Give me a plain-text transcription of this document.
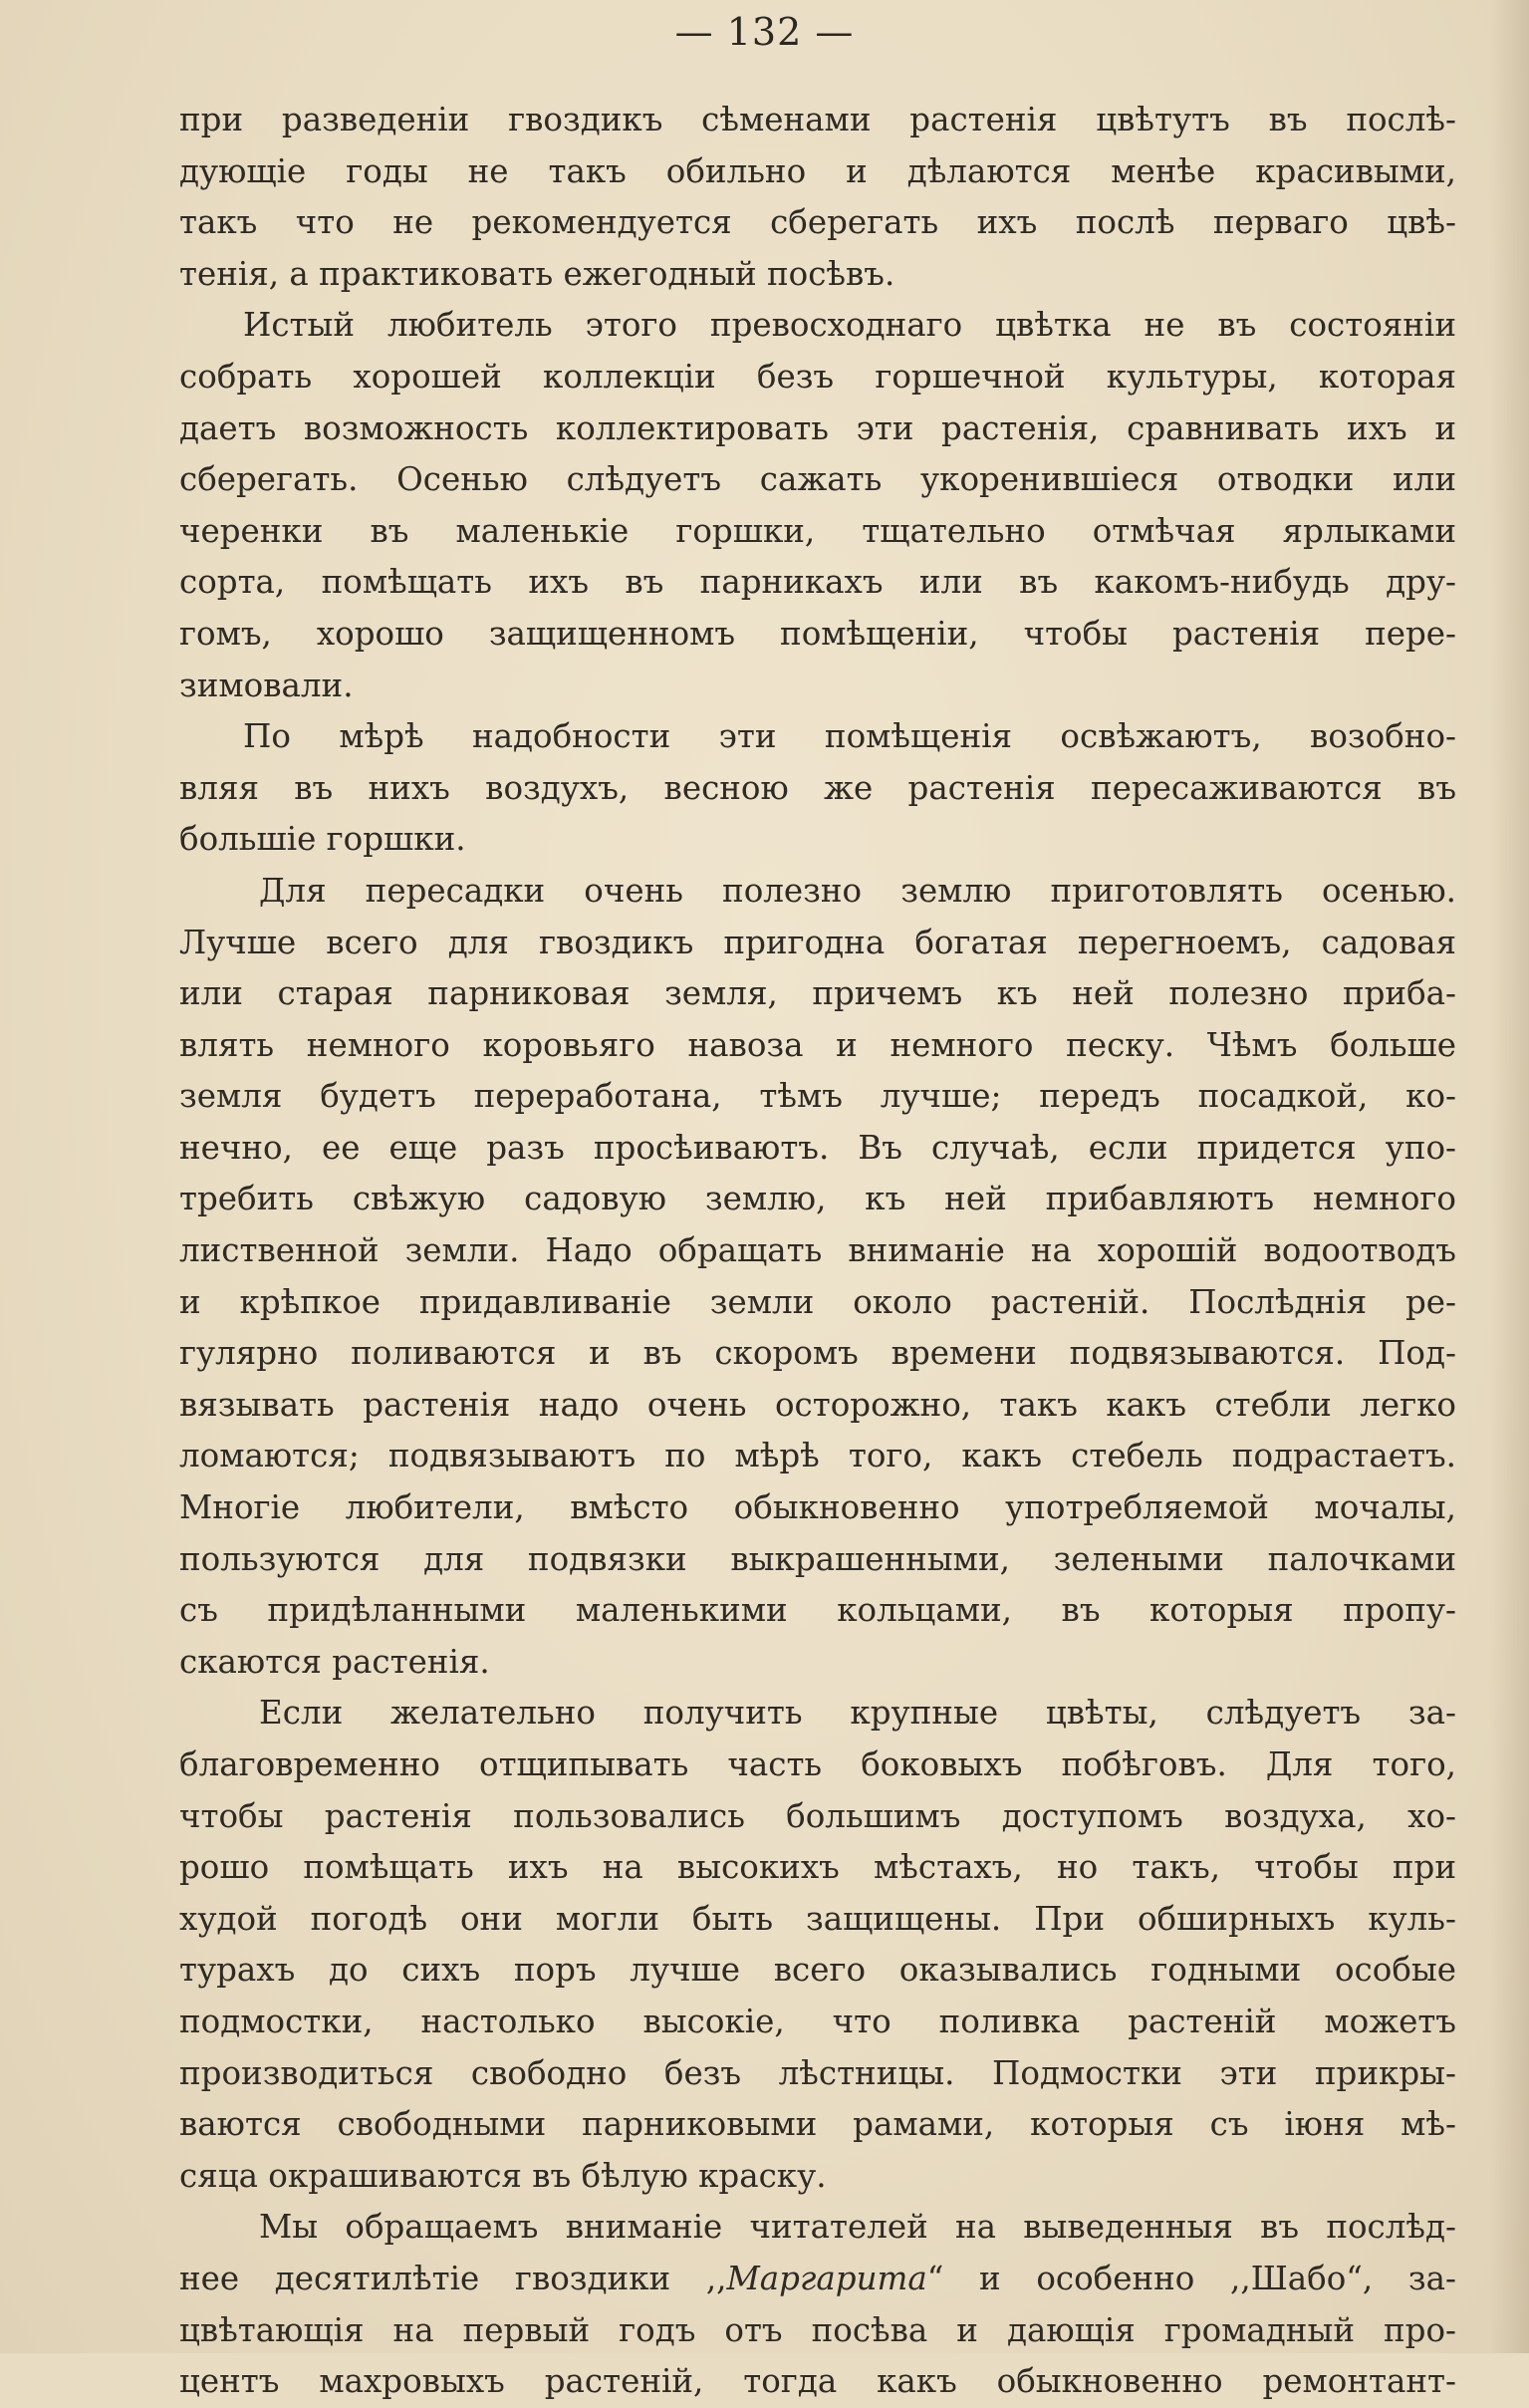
— 132 —
при разведеніи гвоздикъ сѣменами растенія цвѣтутъ въ послѣ-
дующіе годы не такъ обильно и дѣлаются менѣе красивыми,
такъ что не рекомендуется сберегать ихъ послѣ перваго цвѣ-
тенія, а практиковать ежегодный посѣвъ.
Истый любитель этого превосходнаго цвѣтка не въ состояніи
собрать хорошей коллекціи безъ горшечной культуры, которая
даетъ возможность коллектировать эти растенія, сравнивать ихъ и
сберегать. Осенью слѣдуетъ сажать укоренившіеся отводки или
черенки въ маленькіе горшки, тщательно отмѣчая ярлыками
сорта, помѣщать ихъ въ парникахъ или въ какомъ-нибудь дру-
гомъ, хорошо защищенномъ помѣщеніи, чтобы растенія пере-
зимовали.
По мѣрѣ надобности эти помѣщенія освѣжаютъ, возобно-
вляя въ нихъ воздухъ, весною же растенія пересаживаются въ
большіе горшки.
Для пересадки очень полезно землю приготовлять осенью.
Лучше всего для гвоздикъ пригодна богатая перегноемъ, садовая
или старая парниковая земля, причемъ къ ней полезно приба-
влять немного коровьяго навоза и немного песку. Чѣмъ больше
земля будетъ переработана, тѣмъ лучше; передъ посадкой, ко-
нечно, ее еще разъ просѣиваютъ. Въ случаѣ, если придется упо-
требить свѣжую садовую землю, къ ней прибавляютъ немного
лиственной земли. Надо обращать вниманіе на хорошій водоотводъ
и крѣпкое придавливаніе земли около растеній. Послѣднія ре-
гулярно поливаются и въ скоромъ времени подвязываются. Под-
вязывать растенія надо очень осторожно, такъ какъ стебли легко
ломаются; подвязываютъ по мѣрѣ того, какъ стебель подрастаетъ.
Многіе любители, вмѣсто обыкновенно употребляемой мочалы,
пользуются для подвязки выкрашенными, зелеными палочками
съ придѣланными маленькими кольцами, въ которыя пропу-
скаются растенія.
Если желательно получить крупные цвѣты, слѣдуетъ за-
благовременно отщипывать часть боковыхъ побѣговъ. Для того,
чтобы растенія пользовались большимъ доступомъ воздуха, хо-
рошо помѣщать ихъ на высокихъ мѣстахъ, но такъ, чтобы при
худой погодѣ они могли быть защищены. При обширныхъ куль-
турахъ до сихъ поръ лучше всего оказывались годными особые
подмостки, настолько высокіе, что поливка растеній можетъ
производиться свободно безъ лѣстницы. Подмостки эти прикры-
ваются свободными парниковыми рамами, которыя съ іюня мѣ-
сяца окрашиваются въ бѣлую краску.
Мы обращаемъ вниманіе читателей на выведенныя въ послѣд-
нее десятилѣтіе гвоздики ,,Маргарита“ и особенно ,,Шабо“, за-
цвѣтающія на первый годъ отъ посѣва и дающія громадный про-
центъ махровыхъ растеній, тогда какъ обыкновенно ремонтант-
